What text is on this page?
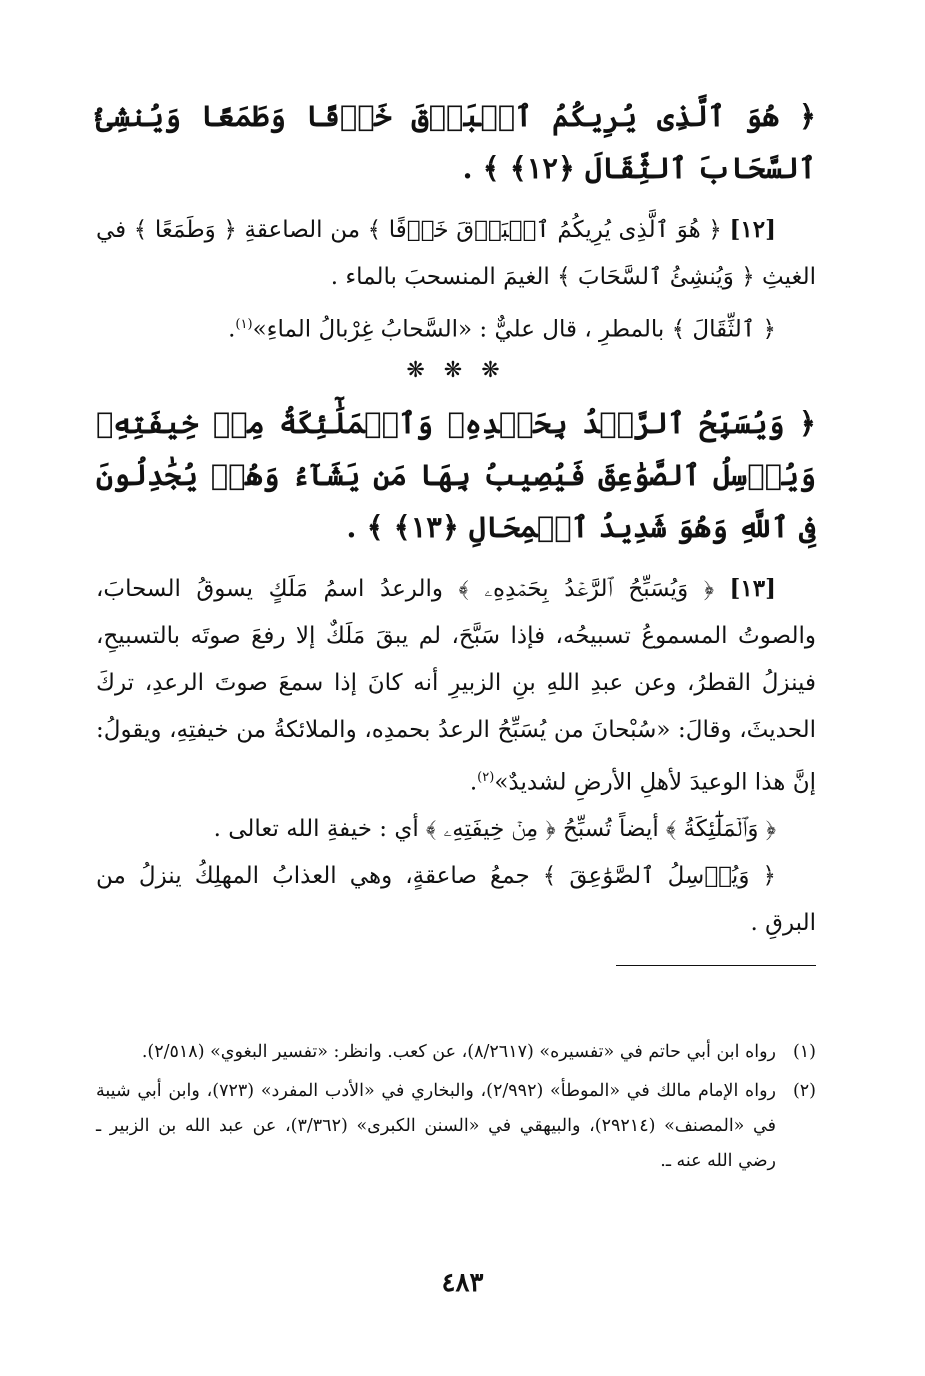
﴿ هُوَ ٱلَّذِى يُرِيكُمُ ٱلۡبَرۡقَ خَوۡفًا وَطَمَعًا وَيُنشِئُ ٱلسَّحَابَ ٱلثِّقَالَ ﴿١٢﴾ ﴾ .

[١٢] ﴿ هُوَ ٱلَّذِى يُرِيكُمُ ٱلۡبَرۡقَ خَوۡفًا ﴾ من الصاعقةِ ﴿ وَطَمَعًا ﴾ في الغيثِ ﴿ وَيُنشِئُ ٱلسَّحَابَ ﴾ الغيمَ المنسحبَ بالماء .

﴿ ٱلثِّقَالَ ﴾ بالمطرِ ، قال عليٌّ : «السَّحابُ غِرْبالُ الماءِ»$^{(١)}$.

❋ ❋ ❋

﴿ وَيُسَبِّحُ ٱلرَّعۡدُ بِحَمۡدِهِۦ وَٱلۡمَلَٰٓئِكَةُ مِنۡ خِيفَتِهِۦ وَيُرۡسِلُ ٱلصَّوَٰعِقَ فَيُصِيبُ بِهَا مَن يَشَآءُ وَهُمۡ يُجَٰدِلُونَ فِى ٱللَّهِ وَهُوَ شَدِيدُ ٱلۡمِحَالِ ﴿١٣﴾ ﴾ .

[١٣] ﴿ وَيُسَبِّحُ ٱلرَّعۡدُ بِحَمۡدِهِۦ ﴾ والرعدُ اسمُ مَلَكٍ يسوقُ السحابَ، والصوتُ المسموعُ تسبيحُه، فإذا سَبَّحَ، لم يبقَ مَلَكٌ إلا رفعَ صوتَه بالتسبيحِ، فينزلُ القطرُ، وعن عبدِ اللهِ بنِ الزبيرِ أنه كانَ إذا سمعَ صوتَ الرعدِ، تركَ الحديثَ، وقالَ: «سُبْحانَ من يُسَبِّحُ الرعدُ بحمدِه، والملائكةُ من خيفتِهِ، ويقولُ: إنَّ هذا الوعيدَ لأهلِ الأرضِ لشديدٌ»$^{(٢)}$.

﴿ وَٱلۡمَلَٰٓئِكَةُ ﴾ أيضاً تُسبِّحُ ﴿ مِنۡ خِيفَتِهِۦ ﴾ أي : خيفةِ الله تعالى .

﴿ وَيُرۡسِلُ ٱلصَّوَٰعِقَ ﴾ جمعُ صاعقةٍ، وهي العذابُ المهلِكُ ينزلُ من البرقِ .

(١)
رواه ابن أبي حاتم في «تفسيره» (٨/٢٦١٧)، عن كعب. وانظر: «تفسير البغوي» (٢/٥١٨).
(٢)
رواه الإمام مالك في «الموطأ» (٢/٩٩٢)، والبخاري في «الأدب المفرد» (٧٢٣)، وابن أبي شيبة في «المصنف» (٢٩٢١٤)، والبيهقي في «السنن الكبرى» (٣/٣٦٢)، عن عبد الله بن الزبير ـ رضي الله عنه ـ.
٤٨٣
